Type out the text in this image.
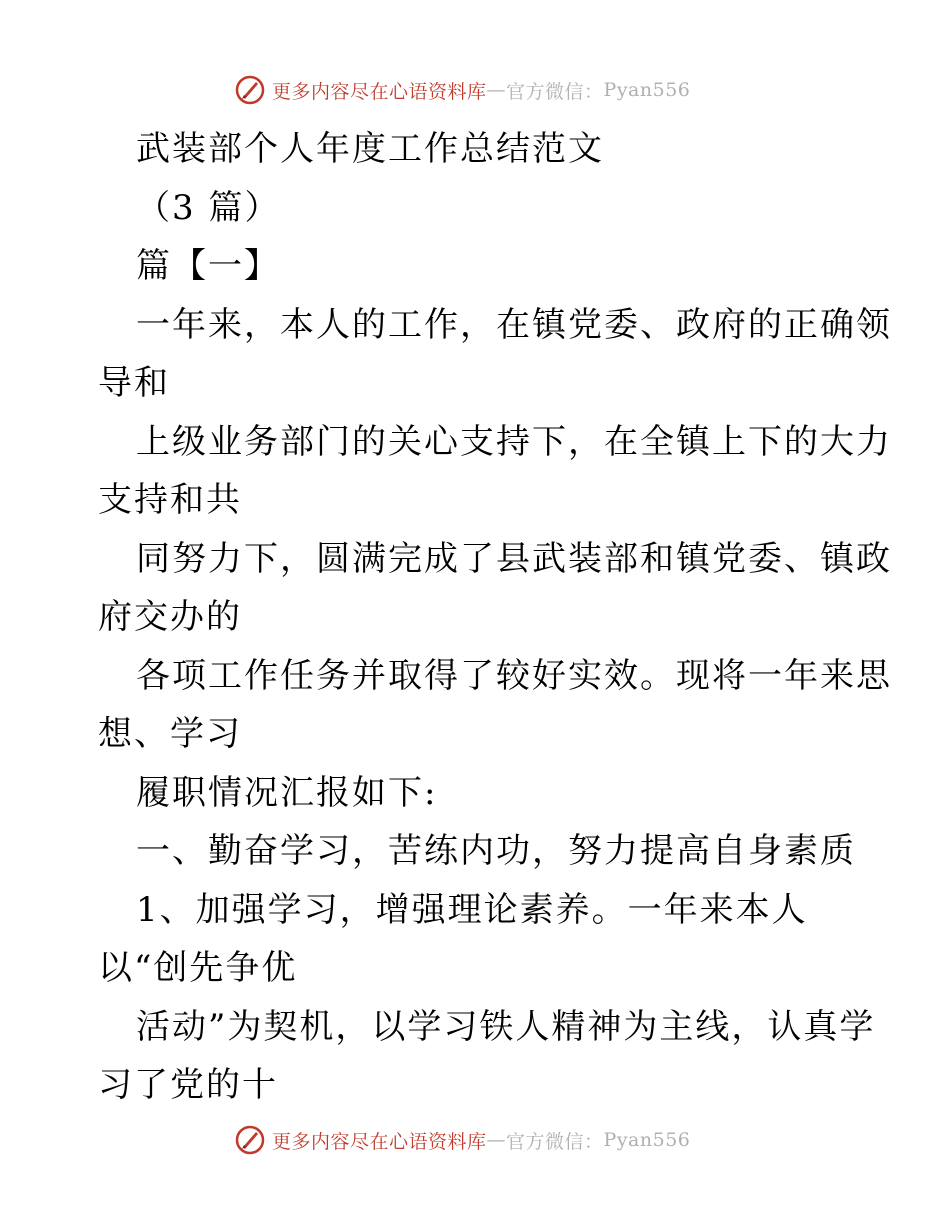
更多内容尽在心语资料库 — 官方微信： Pyan556
武装部个人年度工作总结范文
（3 篇）
篇【一】
一年来，本人的工作，在镇党委、政府的正确领
导和
上级业务部门的关心支持下，在全镇上下的大力
支持和共
同努力下，圆满完成了县武装部和镇党委、镇政
府交办的
各项工作任务并取得了较好实效。现将一年来思
想、学习
履职情况汇报如下:
一、勤奋学习，苦练内功，努力提高自身素质
1、加强学习，增强理论素养。一年来本人
以“创先争优
活动”为契机，以学习铁人精神为主线，认真学
习了党的十
更多内容尽在心语资料库 — 官方微信： Pyan556
